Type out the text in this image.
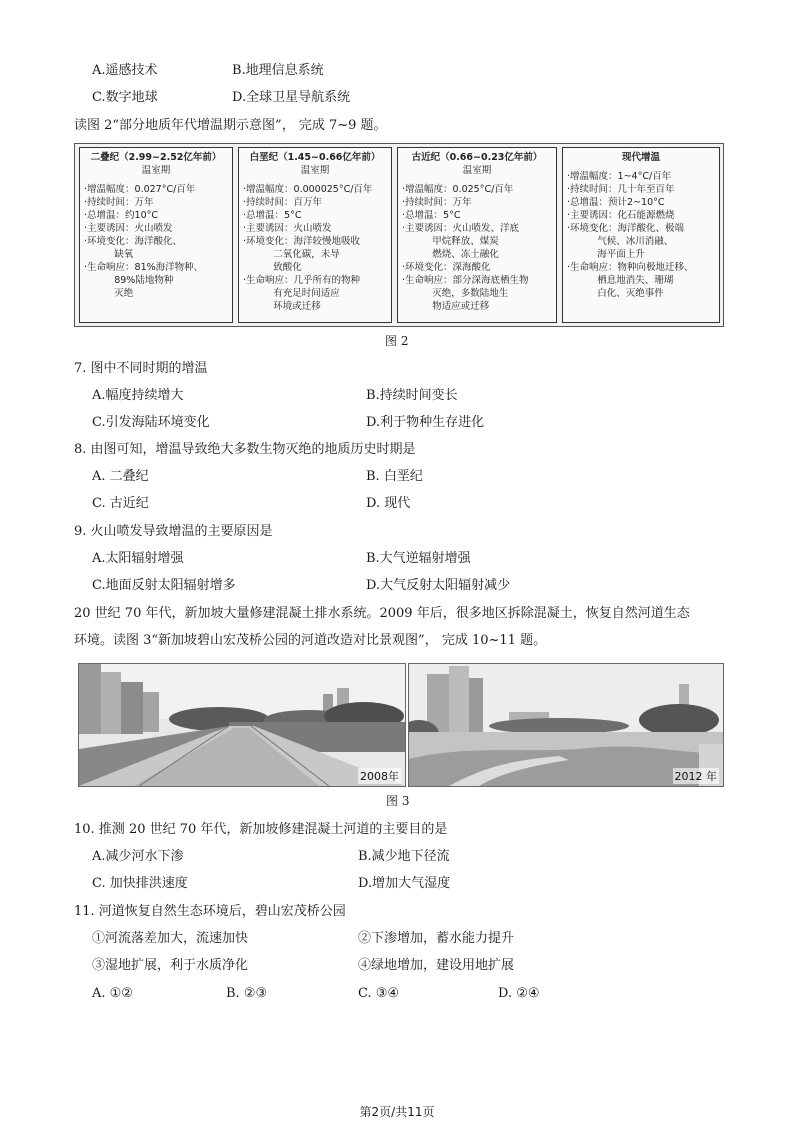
A.遥感技术	B.地理信息系统
C.数字地球	D.全球卫星导航系统
读图 2“部分地质年代增温期示意图”， 完成 7~9 题。
二叠纪（2.99~2.52亿年前）
温室期
·增温幅度：0.027°C/百年
·持续时间：万年
·总增温：约10°C
·主要诱因：火山喷发
·环境变化：海洋酸化、
缺氧
·生命响应：81%海洋物种、
89%陆地物种
灭绝
白垩纪（1.45~0.66亿年前）
温室期
·增温幅度：0.000025°C/百年
·持续时间：百万年
·总增温：5°C
·主要诱因：火山喷发
·环境变化：海洋较慢地吸收
二氧化碳，未导
致酸化
·生命响应：几乎所有的物种
有充足时间适应
环境或迁移
古近纪（0.66~0.23亿年前）
温室期
·增温幅度：0.025°C/百年
·持续时间：万年
·总增温：5°C
·主要诱因：火山喷发、洋底
甲烷释放、煤炭
燃烧、冻土融化
·环境变化：深海酸化
·生命响应：部分深海底栖生物
灭绝，多数陆地生
物适应或迁移
现代增温
·增温幅度：1~4°C/百年
·持续时间：几十年至百年
·总增温：预计2~10°C
·主要诱因：化石能源燃烧
·环境变化：海洋酸化、极端
气候、冰川消融、
海平面上升
·生命响应：物种向极地迁移、
栖息地消失、珊瑚
白化、灭绝事件
图 2
7. 图中不同时期的增温
A.幅度持续增大	B.持续时间变长
C.引发海陆环境变化	D.利于物种生存进化
8. 由图可知，增温导致绝大多数生物灭绝的地质历史时期是
A. 二叠纪	B. 白垩纪
C. 古近纪	D. 现代
9. 火山喷发导致增温的主要原因是
A.太阳辐射增强	B.大气逆辐射增强
C.地面反射太阳辐射增多	D.大气反射太阳辐射减少
20 世纪 70 年代，新加坡大量修建混凝土排水系统。2009 年后，很多地区拆除混凝土，恢复自然河道生态
环境。读图 3“新加坡碧山宏茂桥公园的河道改造对比景观图”， 完成 10~11 题。
2008年	2012 年
图 3
10. 推测 20 世纪 70 年代，新加坡修建混凝土河道的主要目的是
A.减少河水下渗	B.减少地下径流
C. 加快排洪速度	D.增加大气湿度
11. 河道恢复自然生态环境后，碧山宏茂桥公园
①河流落差加大，流速加快	②下渗增加，蓄水能力提升
③湿地扩展，利于水质净化	④绿地增加，建设用地扩展
A. ①②	B. ②③	C. ③④	D. ②④
第2页/共11页
